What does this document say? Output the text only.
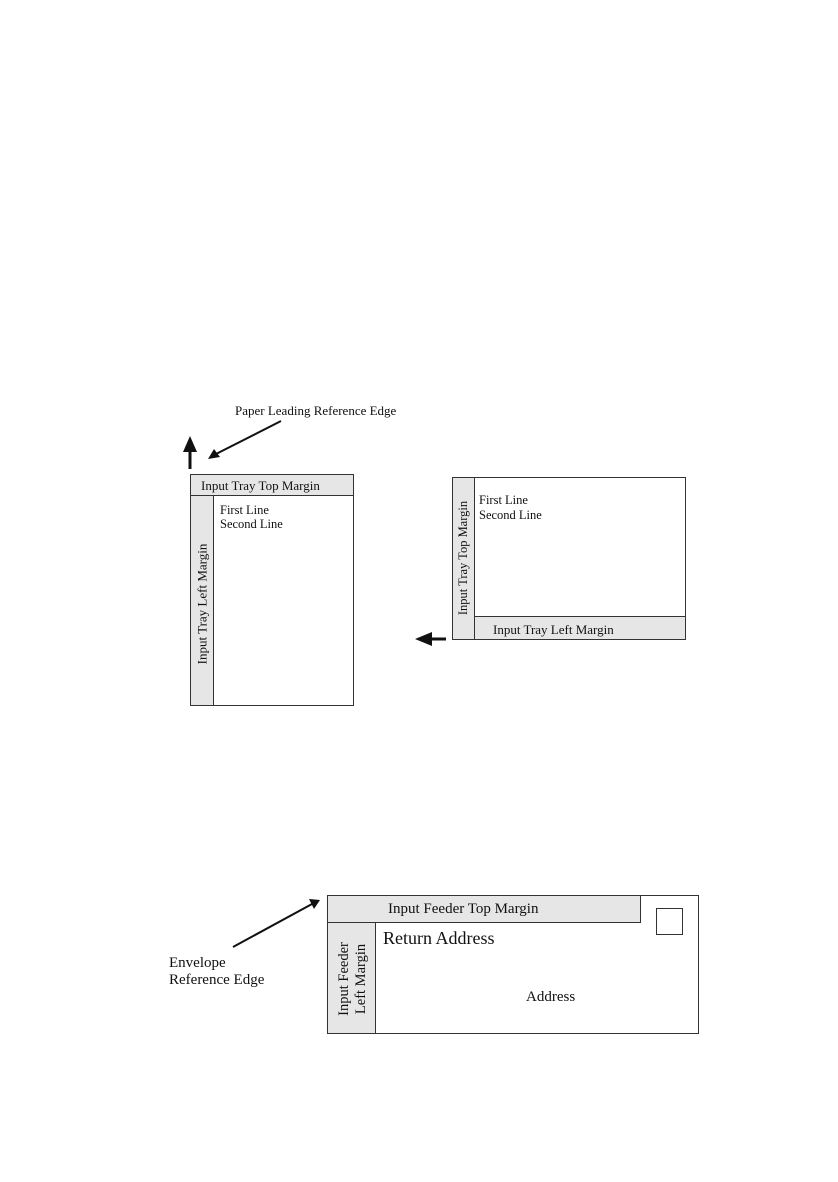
Paper Leading Reference Edge
Input Tray Top Margin
Input Tray Left Margin
First Line
Second Line	Input Tray Top Margin
Input Tray Left Margin
First Line
Second Line
Envelope
Reference Edge
Input Feeder Top Margin
Input Feeder Left Margin
Return Address
Address
